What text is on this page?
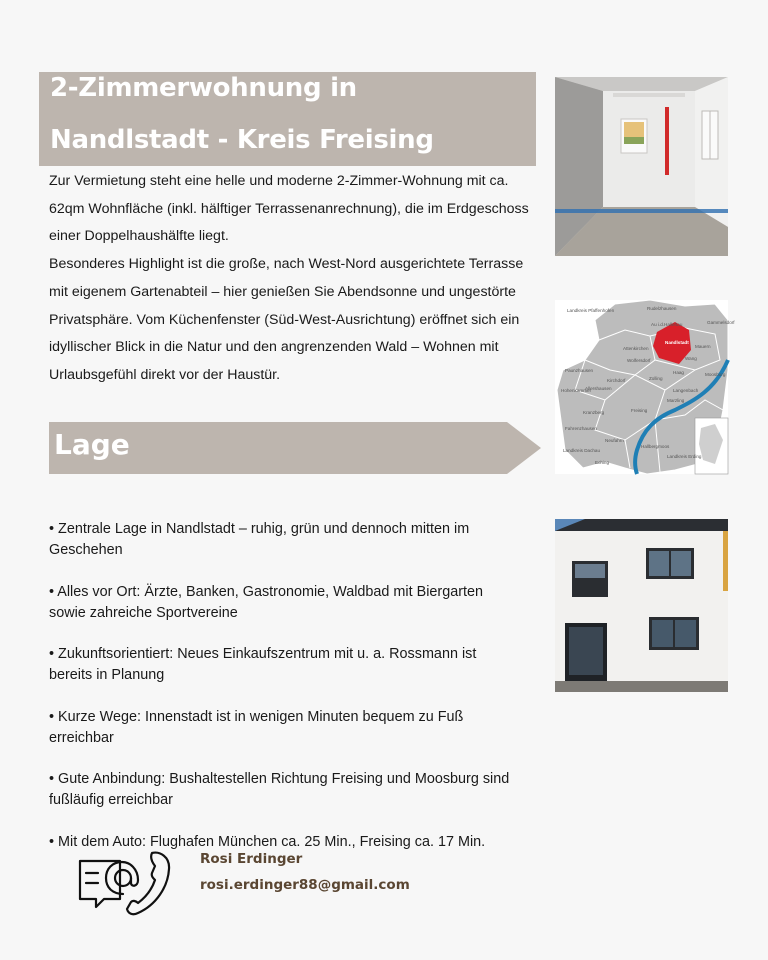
2-Zimmerwohnung in
Nandlstadt - Kreis Freising

Zur Vermietung steht eine helle und moderne 2-Zimmer-Wohnung mit ca. 62qm Wohnfläche (inkl. hälftiger Terrassenanrechnung), die im Erdgeschoss einer Doppelhaushälfte liegt.

Besonderes Highlight ist die große, nach West-Nord ausgerichtete Terrasse mit eigenem Gartenabteil – hier genießen Sie Abendsonne und ungestörte Privatsphäre. Vom Küchenfenster (Süd-West-Ausrichtung) eröffnet sich ein idyllischer Blick in die Natur und den angrenzenden Wald – Wohnen mit Urlaubsgefühl direkt vor der Haustür.

Lage

• Zentrale Lage in Nandlstadt – ruhig, grün und dennoch mitten im Geschehen

• Alles vor Ort: Ärzte, Banken, Gastronomie, Waldbad mit Biergarten sowie zahreiche Sportvereine

• Zukunftsorientiert: Neues Einkaufszentrum mit u. a. Rossmann ist bereits in Planung

• Kurze Wege: Innenstadt ist in wenigen Minuten bequem zu Fuß erreichbar

• Gute Anbindung: Bushaltestellen Richtung Freising und Moosburg sind fußläufig erreichbar

• Mit dem Auto: Flughafen München ca. 25 Min., Freising ca. 17 Min.

Rosi Erdinger
rosi.erdinger88@gmail.com
Rudelzhausen
Au i.d.Hallertau	Gammelsdorf
Nandlstadt
Attenkirchen	Mauern
Wolfersdorf	Wang
Kirchdorf	Zolling
Haag	Moosburg
Paunzhausen
Allershausen
Hohenkammer	Langenbach
Marzling
Kranzberg	Freising
Fahrenzhausen
Neufahrn
Hallbergmoos
Eching
Landkreis Pfaffenhofen
Landkreis Dachau
Landkreis Erding
